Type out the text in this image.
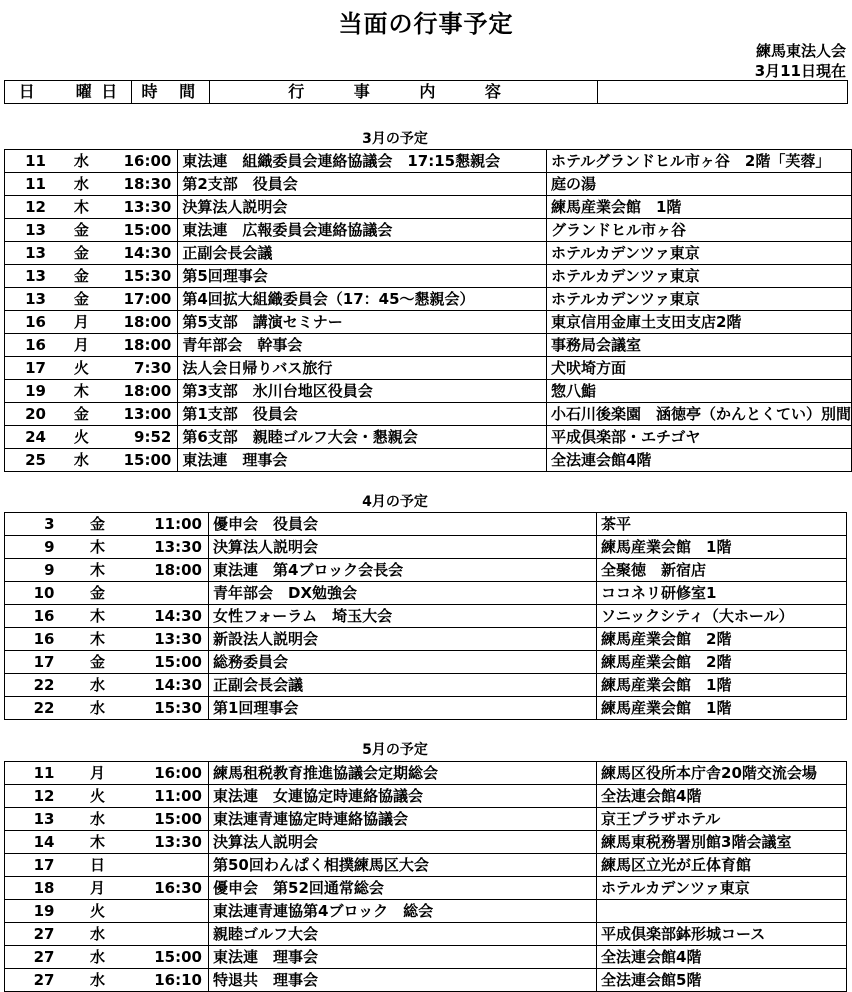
当面の行事予定
練馬東法人会
3月11日現在
日	曜 日	時 間	行 事 内 容	
3月の予定
11	水	16:00	東法連　組織委員会連絡協議会　17:15懇親会	ホテルグランドヒル市ヶ谷　2階「芙蓉」
11	水	18:30	第2支部　役員会	庭の湯
12	木	13:30	決算法人説明会	練馬産業会館　1階
13	金	15:00	東法連　広報委員会連絡協議会	グランドヒル市ヶ谷
13	金	14:30	正副会長会議	ホテルカデンツァ東京
13	金	15:30	第5回理事会	ホテルカデンツァ東京
13	金	17:00	第4回拡大組織委員会（17：45～懇親会）	ホテルカデンツァ東京
16	月	18:00	第5支部　講演セミナー	東京信用金庫土支田支店2階
16	月	18:00	青年部会　幹事会	事務局会議室
17	火	7:30	法人会日帰りバス旅行	犬吠埼方面
19	木	18:00	第3支部　氷川台地区役員会	惣八鮨
20	金	13:00	第1支部　役員会	小石川後楽園　涵徳亭（かんとくてい）別間
24	火	9:52	第6支部　親睦ゴルフ大会・懇親会	平成倶楽部・エチゴヤ
25	水	15:00	東法連　理事会	全法連会館4階
4月の予定
3	金	11:00	優申会　役員会	茶平
9	木	13:30	決算法人説明会	練馬産業会館　1階
9	木	18:00	東法連　第4ブロック会長会	全聚徳　新宿店
10	金		青年部会　DX勉強会	ココネリ研修室1
16	木	14:30	女性フォーラム　埼玉大会	ソニックシティ（大ホール）
16	木	13:30	新設法人説明会	練馬産業会館　2階
17	金	15:00	総務委員会	練馬産業会館　2階
22	水	14:30	正副会長会議	練馬産業会館　1階
22	水	15:30	第1回理事会	練馬産業会館　1階
5月の予定
11	月	16:00	練馬租税教育推進協議会定期総会	練馬区役所本庁舎20階交流会場
12	火	11:00	東法連　女連協定時連絡協議会	全法連会館4階
13	水	15:00	東法連青連協定時連絡協議会	京王プラザホテル
14	木	13:30	決算法人説明会	練馬東税務署別館3階会議室
17	日		第50回わんぱく相撲練馬区大会	練馬区立光が丘体育館
18	月	16:30	優申会　第52回通常総会	ホテルカデンツァ東京
19	火		東法連青連協第4ブロック　総会	
27	水		親睦ゴルフ大会	平成倶楽部鉢形城コース
27	水	15:00	東法連　理事会	全法連会館4階
27	水	16:10	特退共　理事会	全法連会館5階
